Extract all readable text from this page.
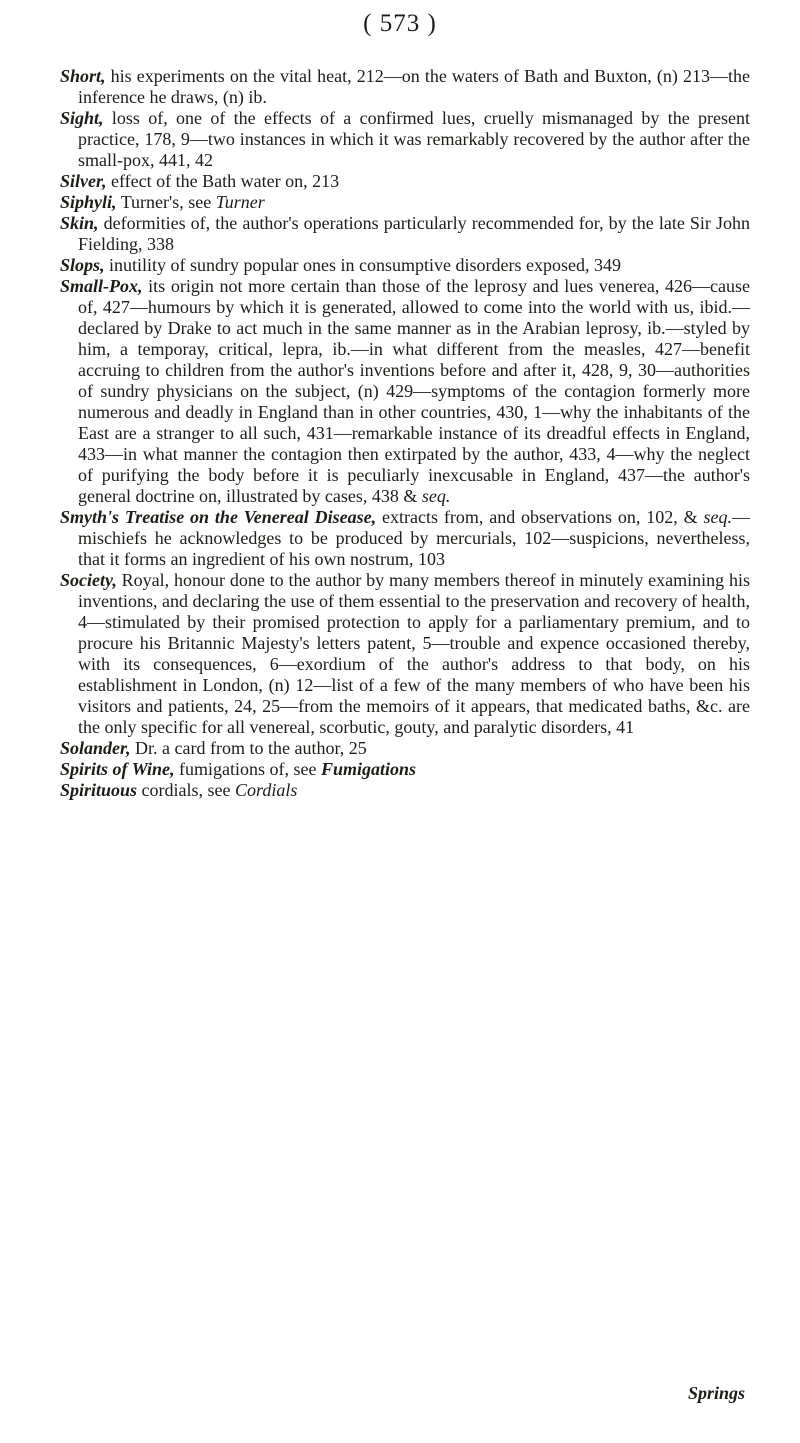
( 573 )

Short, his experiments on the vital heat, 212—on the waters of Bath and Buxton, (n) 213—the inference he draws, (n) ib.

Sight, loss of, one of the effects of a confirmed lues, cruelly mismanaged by the present practice, 178, 9—two instances in which it was remarkably recovered by the author after the small-pox, 441, 42

Silver, effect of the Bath water on, 213

Siphyli, Turner's, see Turner

Skin, deformities of, the author's operations particularly recommended for, by the late Sir John Fielding, 338

Slops, inutility of sundry popular ones in consumptive disorders exposed, 349

Small-Pox, its origin not more certain than those of the leprosy and lues venerea, 426—cause of, 427—humours by which it is generated, allowed to come into the world with us, ibid.—declared by Drake to act much in the same manner as in the Arabian leprosy, ib.—styled by him, a temporay, critical, lepra, ib.—in what different from the measles, 427—benefit accruing to children from the author's inventions before and after it, 428, 9, 30—authorities of sundry physicians on the subject, (n) 429—symptoms of the contagion formerly more numerous and deadly in England than in other countries, 430, 1—why the inhabitants of the East are a stranger to all such, 431—remarkable instance of its dreadful effects in England, 433—in what manner the contagion then extirpated by the author, 433, 4—why the neglect of purifying the body before it is peculiarly inexcusable in England, 437—the author's general doctrine on, illustrated by cases, 438 & seq.

Smyth's Treatise on the Venereal Disease, extracts from, and observations on, 102, & seq.—mischiefs he acknowledges to be produced by mercurials, 102—suspicions, nevertheless, that it forms an ingredient of his own nostrum, 103

Society, Royal, honour done to the author by many members thereof in minutely examining his inventions, and declaring the use of them essential to the preservation and recovery of health, 4—stimulated by their promised protection to apply for a parliamentary premium, and to procure his Britannic Majesty's letters patent, 5—trouble and expence occasioned thereby, with its consequences, 6—exordium of the author's address to that body, on his establishment in London, (n) 12—list of a few of the many members of who have been his visitors and patients, 24, 25—from the memoirs of it appears, that medicated baths, &c. are the only specific for all venereal, scorbutic, gouty, and paralytic disorders, 41

Solander, Dr. a card from to the author, 25

Spirits of Wine, fumigations of, see Fumigations

Spirituous cordials, see Cordials

Springs
